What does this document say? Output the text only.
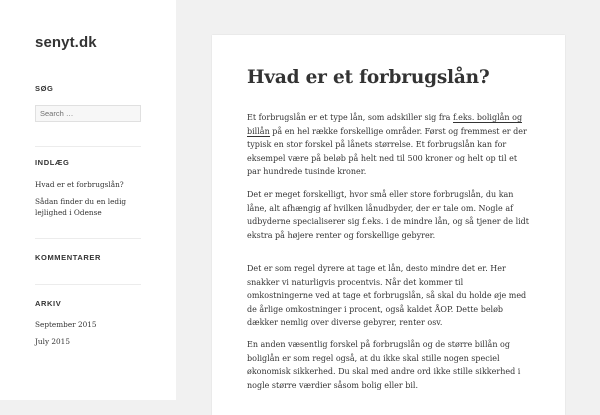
senyt.dk
SØG
Search …
INDLÆG
Hvad er et forbrugslån?
Sådan finder du en ledig lejlighed i Odense
KOMMENTARER
ARKIV
September 2015
July 2015
Hvad er et forbrugslån?

Et forbrugslån er et type lån, som adskiller sig fra f.eks. boliglån og billån på en hel række forskellige områder. Først og fremmest er der typisk en stor forskel på lånets størrelse. Et forbrugslån kan for eksempel være på beløb på helt ned til 500 kroner og helt op til et par hundrede tusinde kroner.

Det er meget forskelligt, hvor små eller store forbrugslån, du kan låne, alt afhængig af hvilken lånudbyder, der er tale om. Nogle af udbyderne specialiserer sig f.eks. i de mindre lån, og så tjener de lidt ekstra på højere renter og forskellige gebyrer.

Det er som regel dyrere at tage et lån, desto mindre det er. Her snakker vi naturligvis procentvis. Når det kommer til omkostningerne ved at tage et forbrugslån, så skal du holde øje med de årlige omkostninger i procent, også kaldet ÅOP. Dette beløb dækker nemlig over diverse gebyrer, renter osv.

En anden væsentlig forskel på forbrugslån og de større billån og boliglån er som regel også, at du ikke skal stille nogen speciel økonomisk sikkerhed. Du skal med andre ord ikke stille sikkerhed i nogle større værdier såsom bolig eller bil.
